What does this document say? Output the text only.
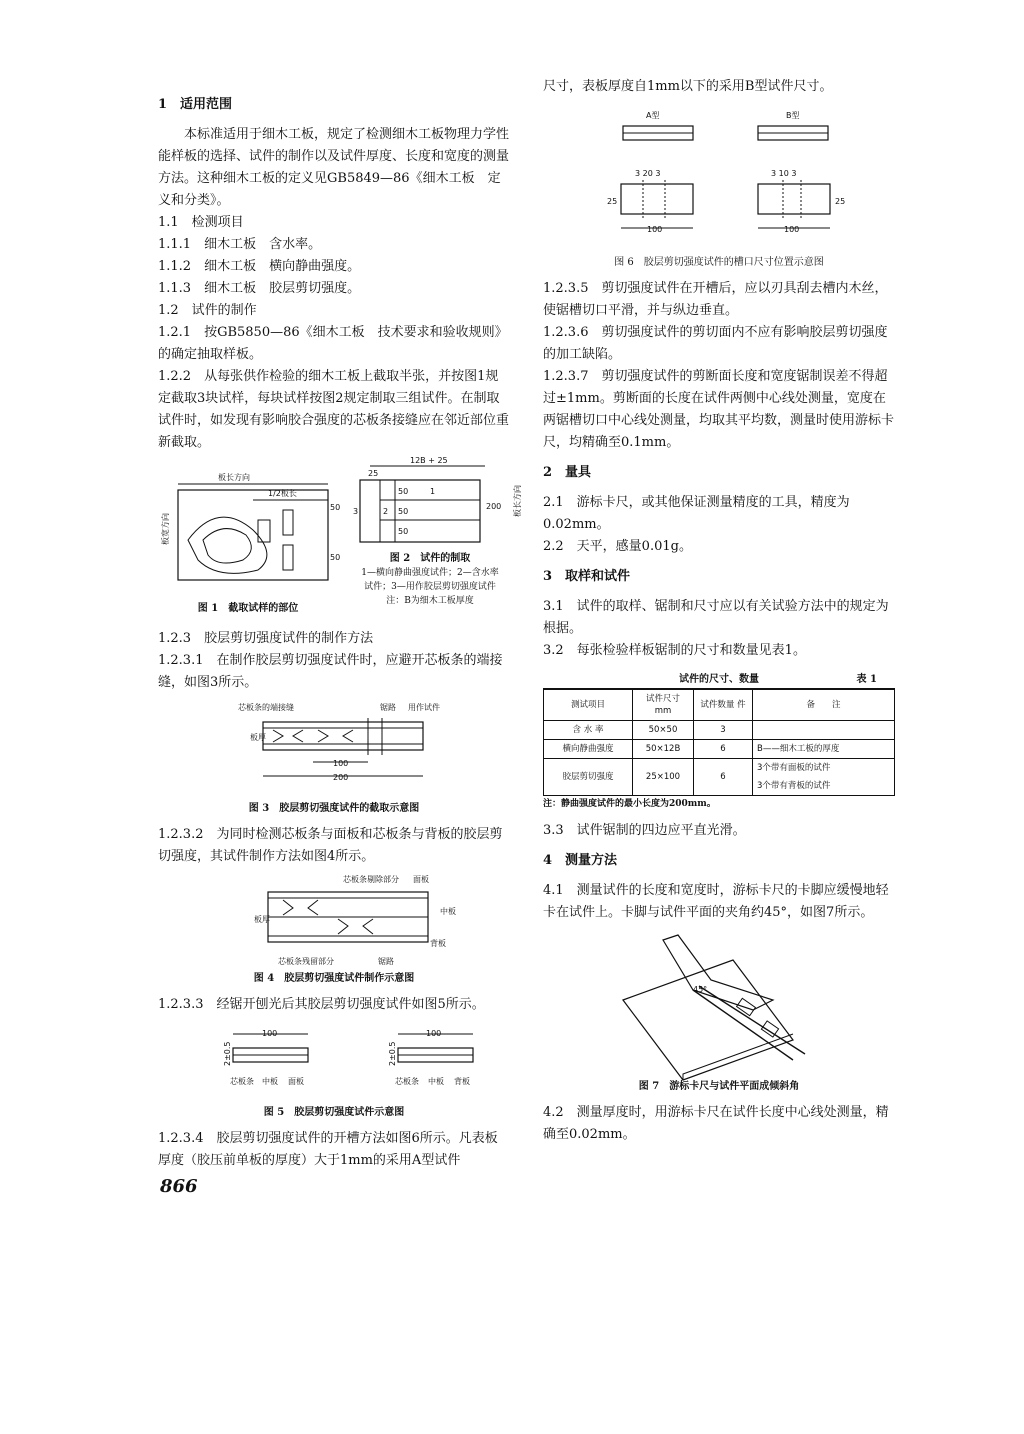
1　适用范围

本标准适用于细木工板，规定了检测细木工板物理力学性能样板的选择、试件的制作以及试件厚度、长度和宽度的测量方法。这种细木工板的定义见GB5849—86《细木工板　定义和分类》。

1.1　检测项目

1.1.1　细木工板　含水率。

1.1.2　细木工板　横向静曲强度。

1.1.3　细木工板　胶层剪切强度。

1.2　试件的制作

1.2.1　按GB5850—86《细木工板　技术要求和验收规则》的确定抽取样板。

1.2.2　从每张供作检验的细木工板上截取半张，并按图1规定截取3块试样，每块试样按图2规定制取三组试件。在制取试件时，如发现有影响胶合强度的芯板条接缝应在邻近部位重新截取。

板长方向
1/2板长
板宽方向
50
50

图 1　截取试样的部位

12B + 25
25
3	2
1
50
50
50
200 板长方向

图 2　试件的制取

1—横向静曲强度试件；2—含水率

试件；3—用作胶层剪切强度试件

注：B为细木工板厚度

1.2.3　胶层剪切强度试件的制作方法

1.2.3.1　在制作胶层剪切强度试件时，应避开芯板条的端接缝，如图3所示。

芯板条的端接缝	锯路 用作试件
板厚
100
200

图 3　胶层剪切强度试件的截取示意图

1.2.3.2　为同时检测芯板条与面板和芯板条与背板的胶层剪切强度，其试件制作方法如图4所示。

芯板条剔除部分 面板
板厚
中板
背板
芯板条残留部分	锯路

图 4　胶层剪切强度试件制作示意图

1.2.3.3　经锯开刨光后其胶层剪切强度试件如图5所示。

100
2±0.5
芯板条 中板 面板
100
2±0.5
芯板条 中板 背板

图 5　胶层剪切强度试件示意图

1.2.3.4　胶层剪切强度试件的开槽方法如图6所示。凡表板厚度（胶压前单板的厚度）大于1mm的采用A型试件

尺寸，表板厚度自1mm以下的采用B型试件尺寸。

A型	B型
3 20 3	3 10 3
25	25
100	100

图 6　胶层剪切强度试件的槽口尺寸位置示意图

1.2.3.5　剪切强度试件在开槽后，应以刃具刮去槽内木丝，使锯槽切口平滑，并与纵边垂直。

1.2.3.6　剪切强度试件的剪切面内不应有影响胶层剪切强度的加工缺陷。

1.2.3.7　剪切强度试件的剪断面长度和宽度锯制误差不得超过±1mm。剪断面的长度在试件两侧中心线处测量，宽度在两锯槽切口中心线处测量，均取其平均数，测量时使用游标卡尺，均精确至0.1mm。

2　量具

2.1　游标卡尺，或其他保证测量精度的工具，精度为0.02mm。

2.2　天平，感量0.01g。

3　取样和试件

3.1　试件的取样、锯制和尺寸应以有关试验方法中的规定为根据。

3.2　每张检验样板锯制的尺寸和数量见表1。

试件的尺寸、数量	表 1
测试项目	试件尺寸 mm	试件数量 件	备　　注
含 水 率	50×50	3	
横向静曲强度	50×12B	6	B——细木工板的厚度
胶层剪切强度	25×100	6	3个带有面板的试件
			3个带有背板的试件

注：静曲强度试件的最小长度为200mm。

3.3　试件锯制的四边应平直光滑。

4　测量方法

4.1　测量试件的长度和宽度时，游标卡尺的卡脚应缓慢地轻卡在试件上。卡脚与试件平面的夹角约45°，如图7所示。

45°

图 7　游标卡尺与试件平面成倾斜角

4.2　测量厚度时，用游标卡尺在试件长度中心线处测量，精确至0.02mm。

866
